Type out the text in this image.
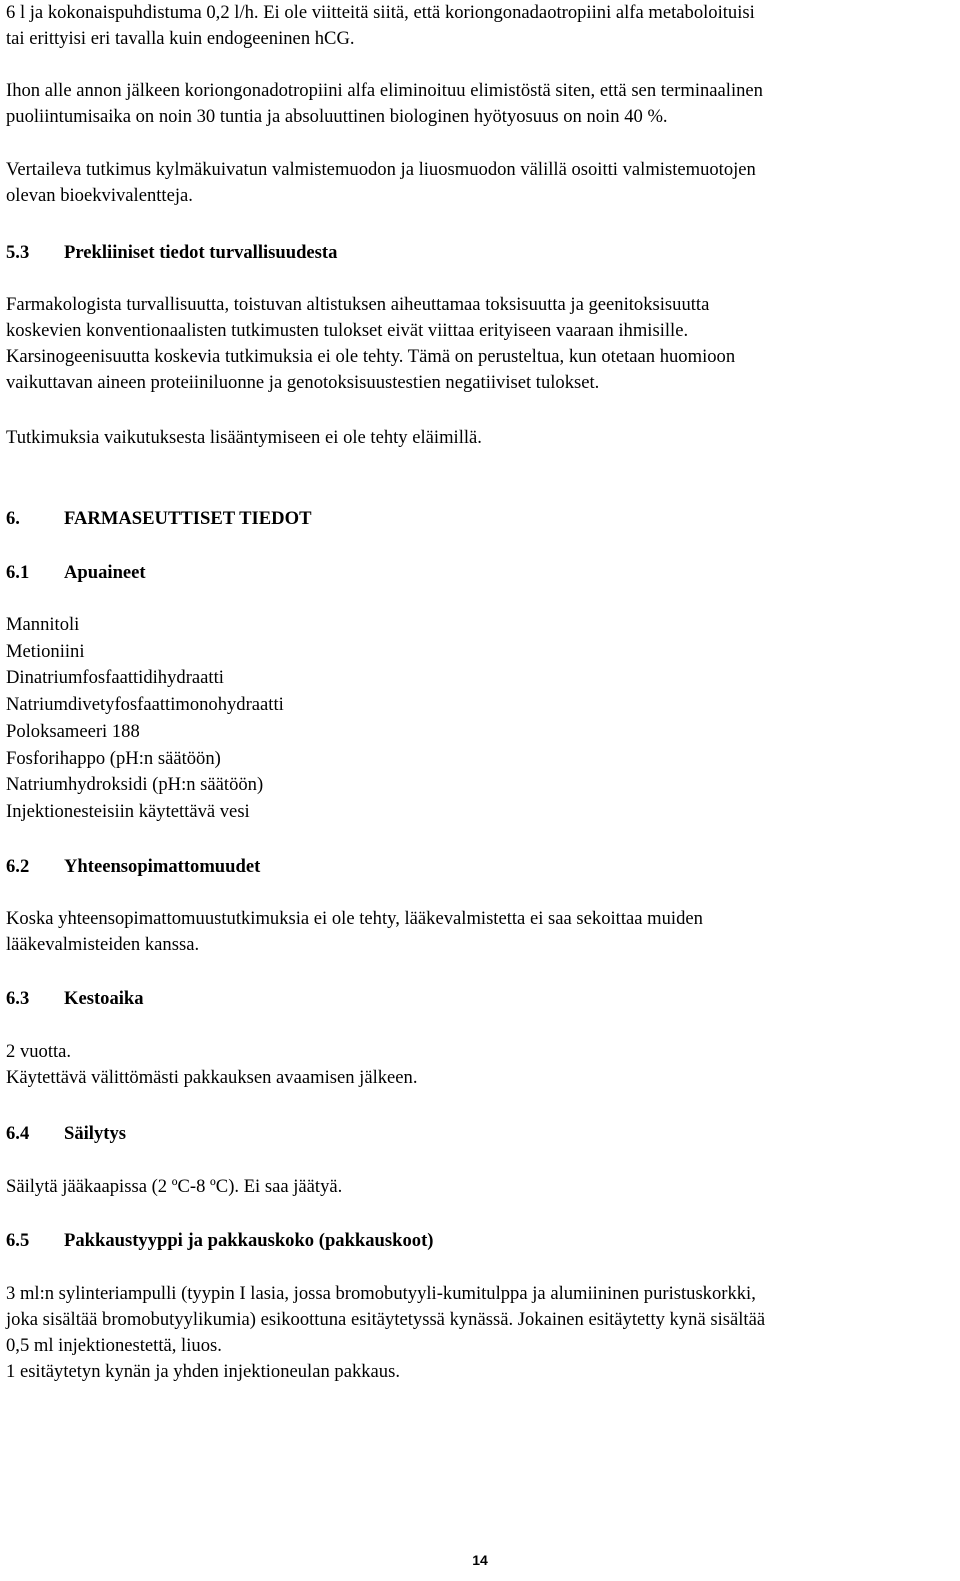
6 l ja kokonaispuhdistuma 0,2 l/h. Ei ole viitteitä siitä, että koriongonadaotropiini alfa metaboloituisi
tai erittyisi eri tavalla kuin endogeeninen hCG.

Ihon alle annon jälkeen koriongonadotropiini alfa eliminoituu elimistöstä siten, että sen terminaalinen
puoliintumisaika on noin 30 tuntia ja absoluuttinen biologinen hyötyosuus on noin 40 %.

Vertaileva tutkimus kylmäkuivatun valmistemuodon ja liuosmuodon välillä osoitti valmistemuotojen
olevan bioekvivalentteja.

5.3 Prekliiniset tiedot turvallisuudesta

Farmakologista turvallisuutta, toistuvan altistuksen aiheuttamaa toksisuutta ja geenitoksisuutta
koskevien konventionaalisten tutkimusten tulokset eivät viittaa erityiseen vaaraan ihmisille.
Karsinogeenisuutta koskevia tutkimuksia ei ole tehty. Tämä on perusteltua, kun otetaan huomioon
vaikuttavan aineen proteiiniluonne ja genotoksisuustestien negatiiviset tulokset.

Tutkimuksia vaikutuksesta lisääntymiseen ei ole tehty eläimillä.

6. FARMASEUTTISET TIEDOT
6.1 Apuaineet
Mannitoli
Metioniini
Dinatriumfosfaattidihydraatti
Natriumdivetyfosfaattimonohydraatti
Poloksameeri 188
Fosforihappo (pH:n säätöön)
Natriumhydroksidi (pH:n säätöön)
Injektionesteisiin käytettävä vesi
6.2 Yhteensopimattomuudet

Koska yhteensopimattomuustutkimuksia ei ole tehty, lääkevalmistetta ei saa sekoittaa muiden
lääkevalmisteiden kanssa.

6.3 Kestoaika

2 vuotta.
Käytettävä välittömästi pakkauksen avaamisen jälkeen.

6.4 Säilytys

Säilytä jääkaapissa (2 ºC-8 ºC). Ei saa jäätyä.

6.5 Pakkaustyyppi ja pakkauskoko (pakkauskoot)

3 ml:n sylinteriampulli (tyypin I lasia, jossa bromobutyyli-kumitulppa ja alumiininen puristuskorkki,
joka sisältää bromobutyylikumia) esikoottuna esitäytetyssä kynässä. Jokainen esitäytetty kynä sisältää
0,5 ml injektionestettä, liuos.
1 esitäytetyn kynän ja yhden injektioneulan pakkaus.

14
